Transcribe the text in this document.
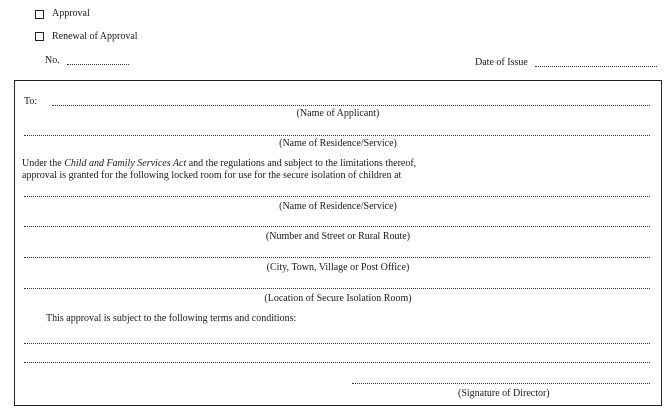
Approval
Renewal of Approval
No.	Date of Issue
To:
(Name of Applicant)
(Name of Residence/Service)
Under the Child and Family Services Act and the regulations and subject to the limitations thereof,
approval is granted for the following locked room for use for the secure isolation of children at
(Name of Residence/Service)
(Number and Street or Rural Route)
(City, Town, Village or Post Office)
(Location of Secure Isolation Room)
This approval is subject to the following terms and conditions:
(Signature of Director)
